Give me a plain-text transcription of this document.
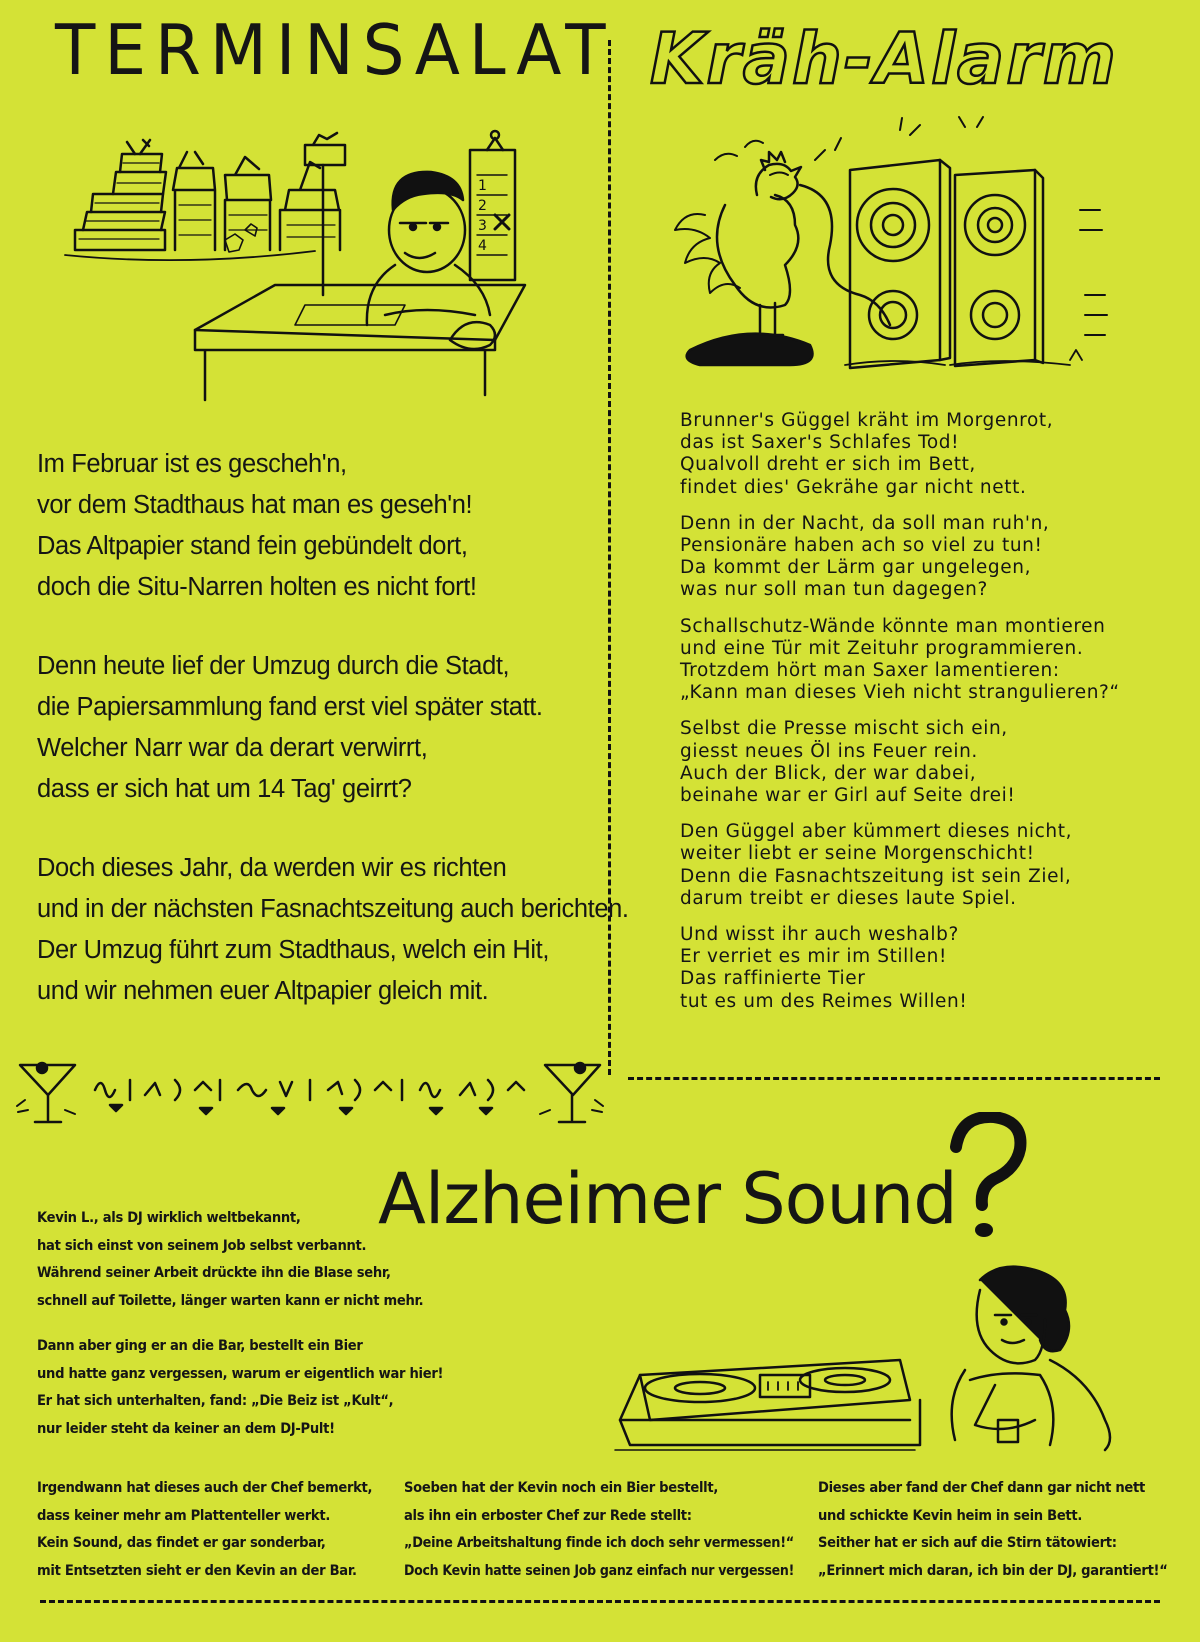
TERMINSALAT Kräh-Alarm
1
2
3
4
Im Februar ist es gescheh'n,
vor dem Stadthaus hat man es geseh'n!
Das Altpapier stand fein gebündelt dort,
doch die Situ-Narren holten es nicht fort!
Denn heute lief der Umzug durch die Stadt,
die Papiersammlung fand erst viel später statt.
Welcher Narr war da derart verwirrt,
dass er sich hat um 14 Tag' geirrt?
Doch dieses Jahr, da werden wir es richten
und in der nächsten Fasnachtszeitung auch berichten.
Der Umzug führt zum Stadthaus, welch ein Hit,
und wir nehmen euer Altpapier gleich mit.
Brunner's Güggel kräht im Morgenrot,
das ist Saxer's Schlafes Tod!
Qualvoll dreht er sich im Bett,
findet dies' Gekrähe gar nicht nett.
Denn in der Nacht, da soll man ruh'n,
Pensionäre haben ach so viel zu tun!
Da kommt der Lärm gar ungelegen,
was nur soll man tun dagegen?
Schallschutz-Wände könnte man montieren
und eine Tür mit Zeituhr programmieren.
Trotzdem hört man Saxer lamentieren:
„Kann man dieses Vieh nicht strangulieren?“
Selbst die Presse mischt sich ein,
giesst neues Öl ins Feuer rein.
Auch der Blick, der war dabei,
beinahe war er Girl auf Seite drei!
Den Güggel aber kümmert dieses nicht,
weiter liebt er seine Morgenschicht!
Denn die Fasnachtszeitung ist sein Ziel,
darum treibt er dieses laute Spiel.
Und wisst ihr auch weshalb?
Er verriet es mir im Stillen!
Das raffinierte Tier
tut es um des Reimes Willen!
Alzheimer Sound
Kevin L., als DJ wirklich weltbekannt,
hat sich einst von seinem Job selbst verbannt.
Während seiner Arbeit drückte ihn die Blase sehr,
schnell auf Toilette, länger warten kann er nicht mehr.
Dann aber ging er an die Bar, bestellt ein Bier
und hatte ganz vergessen, warum er eigentlich war hier!
Er hat sich unterhalten, fand: „Die Beiz ist „Kult“,
nur leider steht da keiner an dem DJ-Pult!
Irgendwann hat dieses auch der Chef bemerkt,
dass keiner mehr am Plattenteller werkt.
Kein Sound, das findet er gar sonderbar,
mit Entsetzten sieht er den Kevin an der Bar.
Soeben hat der Kevin noch ein Bier bestellt,
als ihn ein erboster Chef zur Rede stellt:
„Deine Arbeitshaltung finde ich doch sehr vermessen!“
Doch Kevin hatte seinen Job ganz einfach nur vergessen!
Dieses aber fand der Chef dann gar nicht nett
und schickte Kevin heim in sein Bett.
Seither hat er sich auf die Stirn tätowiert:
„Erinnert mich daran, ich bin der DJ, garantiert!“
